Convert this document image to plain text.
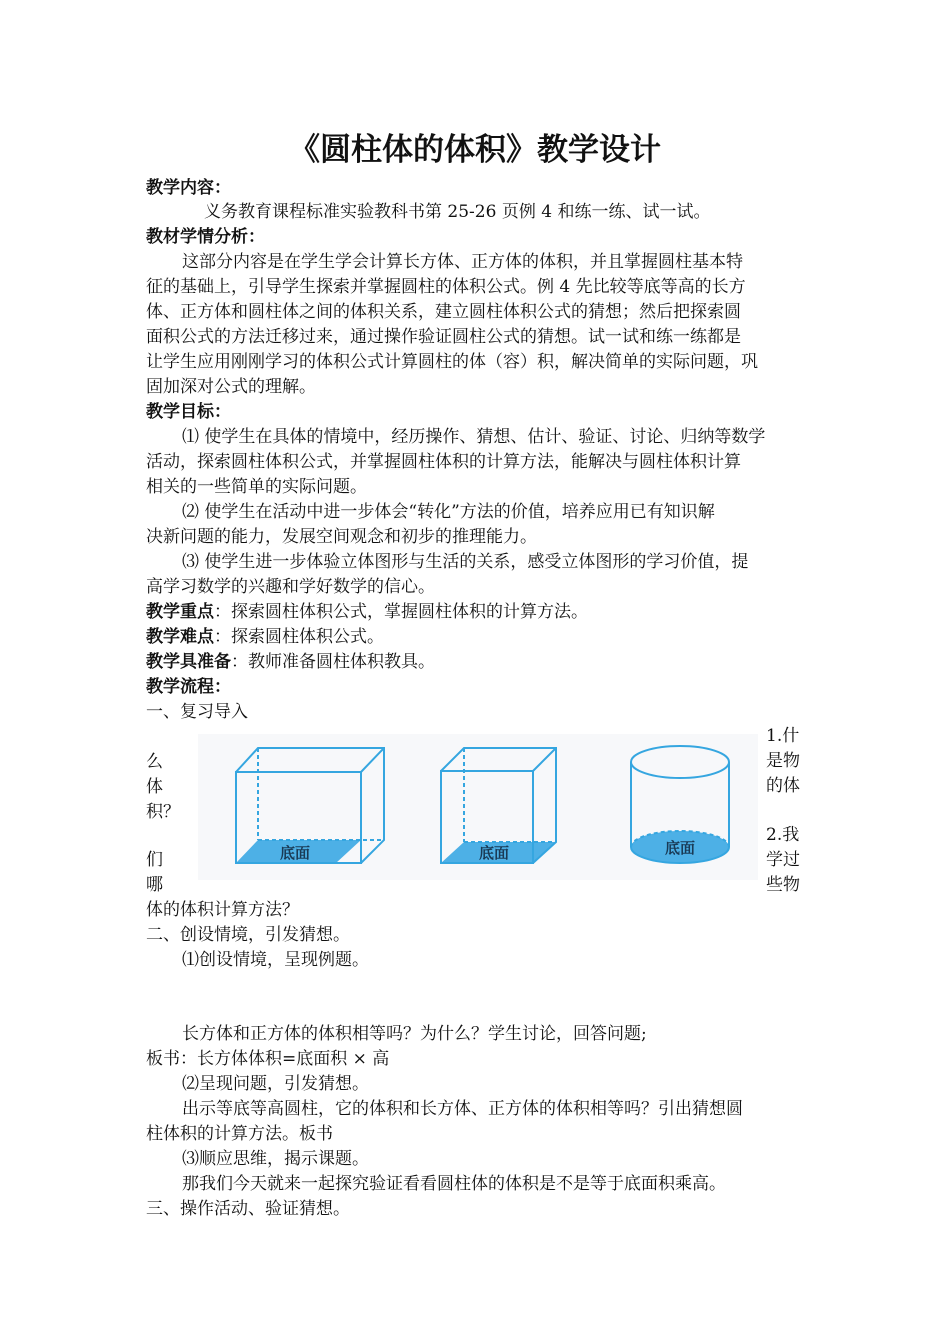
《圆柱体的体积》教学设计
教学内容：
义务教育课程标准实验教科书第 25-26 页例 4 和练一练、试一试。
教材学情分析：
这部分内容是在学生学会计算长方体、正方体的体积，并且掌握圆柱基本特
征的基础上，引导学生探索并掌握圆柱的体积公式。例 4 先比较等底等高的长方
体、正方体和圆柱体之间的体积关系，建立圆柱体积公式的猜想；然后把探索圆
面积公式的方法迁移过来，通过操作验证圆柱公式的猜想。试一试和练一练都是
让学生应用刚刚学习的体积公式计算圆柱的体（容）积，解决简单的实际问题，巩
固加深对公式的理解。
教学目标：
⑴ 使学生在具体的情境中，经历操作、猜想、估计、验证、讨论、归纳等数学
活动，探索圆柱体积公式，并掌握圆柱体积的计算方法，能解决与圆柱体积计算
相关的一些简单的实际问题。
⑵ 使学生在活动中进一步体会“转化”方法的价值，培养应用已有知识解
决新问题的能力，发展空间观念和初步的推理能力。
⑶ 使学生进一步体验立体图形与生活的关系，感受立体图形的学习价值，提
高学习数学的兴趣和学好数学的信心。
教学重点：探索圆柱体积公式，掌握圆柱体积的计算方法。
教学难点：探索圆柱体积公式。
教学具准备：教师准备圆柱体积教具。
教学流程：
一、复习导入
么
体
积？
们
哪
1.什
是物
的体
2.我
学过
些物
底面	底面	底面
体的体积计算方法？
二、创设情境，引发猜想。
⑴创设情境，呈现例题。
长方体和正方体的体积相等吗？为什么？学生讨论，回答问题;
板书：长方体体积=底面积 × 高
⑵呈现问题，引发猜想。
出示等底等高圆柱，它的体积和长方体、正方体的体积相等吗？引出猜想圆
柱体积的计算方法。板书
⑶顺应思维，揭示课题。
那我们今天就来一起探究验证看看圆柱体的体积是不是等于底面积乘高。
三、操作活动、验证猜想。
